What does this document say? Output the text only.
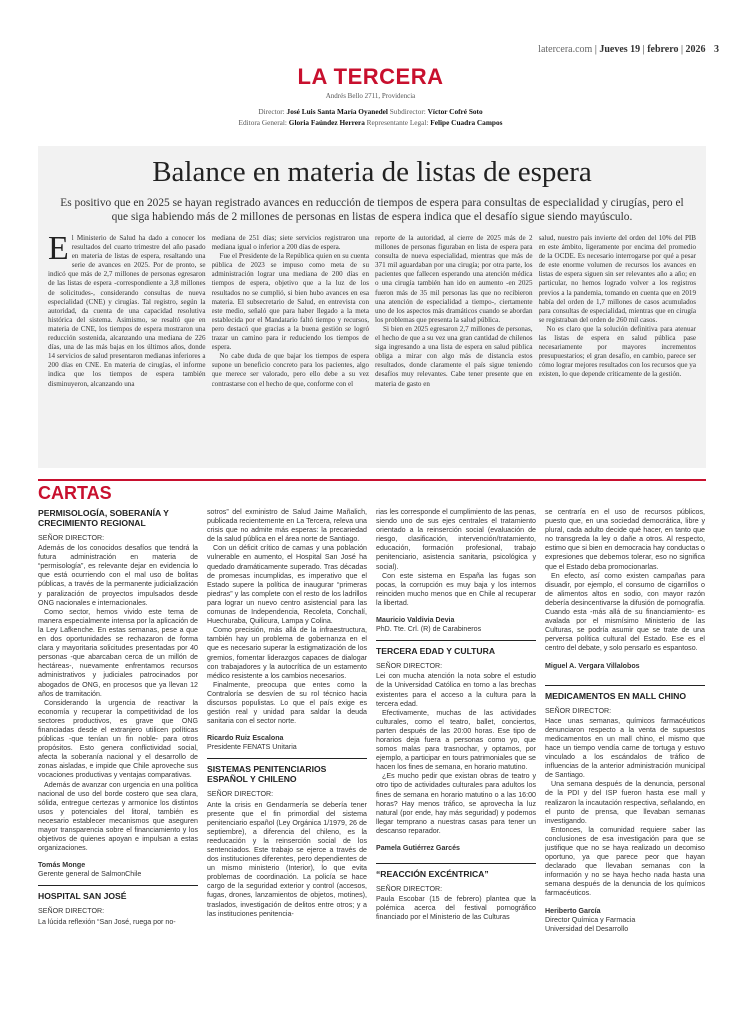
latercera.com | Jueves 19 | febrero | 2026 3
LA TERCERA
Andrés Bello 2711, Providencia
Director: José Luis Santa María Oyanedel Subdirector: Víctor Cofré Soto
Editora General: Gloria Faúndez Herrera Representante Legal: Felipe Cuadra Campos
Balance en materia de listas de espera
Es positivo que en 2025 se hayan registrado avances en reducción de tiempos de espera para consultas de especialidad y cirugías, pero el que siga habiendo más de 2 millones de personas en listas de espera indica que el desafío sigue siendo mayúsculo.
El Ministerio de Salud ha dado a conocer los resultados del cuarto trimestre del año pasado en materia de listas de espera, resaltando una serie de avances en 2025. Por de pronto, se indicó que más de 2,7 millones de personas egresaron de las listas de espera -correspondiente a 3,8 millones de solicitudes-, considerando consultas de nueva especialidad (CNE) y cirugías. Tal registro, según la autoridad, da cuenta de una capacidad resolutiva histórica del sistema. Asimismo, se resaltó que en materia de CNE, los tiempos de espera mostraron una reducción sostenida, alcanzando una mediana de 226 días, una de las más bajas en los últimos años, donde 14 servicios de salud presentaron medianas inferiores a 200 días en CNE. En materia de cirugías, el informe indica que los tiempos de espera también disminuyeron, alcanzando una

mediana de 251 días; siete servicios registraron una mediana igual o inferior a 200 días de espera.

Fue el Presidente de la República quien en su cuenta pública de 2023 se impuso como meta de su administración lograr una mediana de 200 días en tiempos de espera, objetivo que a la luz de los resultados no se cumplió, si bien hubo avances en esa materia. El subsecretario de Salud, en entrevista con este medio, señaló que para haber llegado a la meta establecida por el Mandatario faltó tiempo y recursos, pero destacó que gracias a la buena gestión se logró trazar un camino para ir reduciendo los tiempos de espera.

No cabe duda de que bajar los tiempos de espera supone un beneficio concreto para los pacientes, algo que merece ser valorado, pero ello debe a su vez contrastarse con el hecho de que, conforme con el

reporte de la autoridad, al cierre de 2025 más de 2 millones de personas figuraban en lista de espera para consulta de nueva especialidad, mientras que más de 371 mil aguardaban por una cirugía; por otra parte, los pacientes que fallecen esperando una atención médica o una cirugía también han ido en aumento -en 2025 fueron más de 35 mil personas las que no recibieron una atención de especialidad a tiempo-, ciertamente uno de los aspectos más dramáticos cuando se abordan los problemas que presenta la salud pública.

Si bien en 2025 egresaron 2,7 millones de personas, el hecho de que a su vez una gran cantidad de chilenos siga ingresando a una lista de espera en salud pública obliga a mirar con algo más de distancia estos resultados, donde claramente el país sigue teniendo desafíos muy relevantes. Cabe tener presente que en materia de gasto en

salud, nuestro país invierte del orden del 10% del PIB en este ámbito, ligeramente por encima del promedio de la OCDE. Es necesario interrogarse por qué a pesar de este enorme volumen de recursos los avances en listas de espera siguen sin ser relevantes año a año; en particular, no hemos logrado volver a los registros previos a la pandemia, tomando en cuenta que en 2019 había del orden de 1,7 millones de casos acumulados para consultas de especialidad, mientras que en cirugía se registraban del orden de 260 mil casos.

No es claro que la solución definitiva para atenuar las listas de espera en salud pública pase necesariamente por mayores incrementos presupuestarios; el gran desafío, en cambio, parece ser cómo lograr mejores resultados con los recursos que ya existen, lo que depende críticamente de la gestión.

CARTAS
PERMISOLOGÍA, SOBERANÍA Y CRECIMIENTO REGIONAL
SEÑOR DIRECTOR:

Además de los conocidos desafíos que tendrá la futura administración en materia de “permisología”, es relevante dejar en evidencia lo que está ocurriendo con el mal uso de bolitas públicas, a través de la permanente judicialización y paralización de proyectos impulsados desde ONG nacionales e internacionales.

Como sector, hemos vivido este tema de manera especialmente intensa por la aplicación de la Ley Lafkenche. En estas semanas, pese a que en dos oportunidades se rechazaron de forma clara y mayoritaria solicitudes presentadas por 40 personas -que abarcaban cerca de un millón de hectáreas-, nuevamente enfrentamos recursos administrativos y judiciales patrocinados por abogados de ONG, en procesos que ya llevan 12 años de tramitación.

Considerando la urgencia de reactivar la economía y recuperar la competitividad de los sectores productivos, es grave que ONG financiadas desde el extranjero utilicen políticas públicas -que tenían un fin noble- para otros propósitos. Esto genera conflictividad social, afecta la soberanía nacional y el desarrollo de zonas aisladas, e impide que Chile aproveche sus vocaciones productivas y ventajas comparativas.

Además de avanzar con urgencia en una política nacional de uso del borde costero que sea clara, sólida, entregue certezas y armonice los distintos usos y potenciales del litoral, también es necesario establecer mecanismos que aseguren mayor transparencia sobre el financiamiento y los objetivos de quienes apoyan e impulsan a estas organizaciones.

Tomás Monge
Gerente general de SalmonChile
HOSPITAL SAN JOSÉ
SEÑOR DIRECTOR:

La lúcida reflexión “San José, ruega por no-

sotros” del exministro de Salud Jaime Mañalich, publicada recientemente en La Tercera, releva una crisis que no admite más esperas: la precariedad de la salud pública en el área norte de Santiago.

Con un déficit crítico de camas y una población vulnerable en aumento, el Hospital San José ha quedado dramáticamente superado. Tras décadas de promesas incumplidas, es imperativo que el Estado supere la política de inaugurar “primeras piedras” y las complete con el resto de los ladrillos para lograr un nuevo centro asistencial para las comunas de Independencia, Recoleta, Conchalí, Huechuraba, Quilicura, Lampa y Colina.

Como precisión, más allá de la infraestructura, también hay un problema de gobernanza en el que es necesario superar la estigmatización de los gremios, fomentar liderazgos capaces de dialogar con trabajadores y la autocrítica de un estamento médico resistente a los cambios necesarios.

Finalmente, preocupa que entes como la Contraloría se desvíen de su rol técnico hacia discursos populistas. Lo que el país exige es gestión real y unidad para saldar la deuda sanitaria con el sector norte.

Ricardo Ruiz Escalona
Presidente FENATS Unitaria
SISTEMAS PENITENCIARIOS ESPAÑOL Y CHILENO
SEÑOR DIRECTOR:

Ante la crisis en Gendarmería se debería tener presente que el fin primordial del sistema penitenciario español (Ley Orgánica 1/1979, 26 de septiembre), a diferencia del chileno, es la reeducación y la reinserción social de los sentenciados. Este trabajo se ejerce a través de dos instituciones diferentes, pero dependientes de un mismo ministerio (Interior), lo que evita problemas de coordinación. La policía se hace cargo de la seguridad exterior y control (accesos, fugas, drones, lanzamientos de objetos, motines), traslados, investigación de delitos entre otros; y a las instituciones penitencia-

rias les corresponde el cumplimiento de las penas, siendo uno de sus ejes centrales el tratamiento orientado a la reinserción social (evaluación de riesgo, clasificación, intervención/tratamiento, educación, formación profesional, trabajo penitenciario, asistencia sanitaria, psicológica y social).

Con este sistema en España las fugas son pocas, la corrupción es muy baja y los internos reinciden mucho menos que en Chile al recuperar la libertad.

Mauricio Valdivia Devia
PhD. Tte. Crl. (R) de Carabineros
TERCERA EDAD Y CULTURA
SEÑOR DIRECTOR:

Lei con mucha atención la nota sobre el estudio de la Universidad Católica en torno a las brechas existentes para el acceso a la cultura para la tercera edad.

Efectivamente, muchas de las actividades culturales, como el teatro, ballet, conciertos, parten después de las 20:00 horas. Ese tipo de horarios deja fuera a personas como yo, que somos malas para trasnochar, y optamos, por ejemplo, a participar en tours patrimoniales que se hacen los fines de semana, en horario matutino.

¿Es mucho pedir que existan obras de teatro y otro tipo de actividades culturales para adultos los fines de semana en horario matutino o a las 16:00 horas? Hay menos tráfico, se aprovecha la luz natural (por ende, hay más seguridad) y podemos llegar temprano a nuestras casas para tener un descanso reparador.

Pamela Gutiérrez Garcés
“REACCIÓN EXCÉNTRICA”
SEÑOR DIRECTOR:

Paula Escobar (15 de febrero) plantea que la polémica acerca del festival pornográfico financiado por el Ministerio de las Culturas

se centraría en el uso de recursos públicos, puesto que, en una sociedad democrática, libre y plural, cada adulto decide qué hacer, en tanto que no transgreda la ley o dañe a otros. Al respecto, estimo que si bien en democracia hay conductas o expresiones que debemos tolerar, eso no significa que el Estado deba promocionarlas.

En efecto, así como existen campañas para disuadir, por ejemplo, el consumo de cigarrillos o de alimentos altos en sodio, con mayor razón debería desincentivarse la difusión de pornografía. Cuando esta -más allá de su financiamiento- es avalada por el mismísimo Ministerio de las Culturas, se podría asumir que se trate de una perversa política cultural del Estado. Ese es el centro del debate, y solo pensarlo es espantoso.

Miguel A. Vergara Villalobos
MEDICAMENTOS EN MALL CHINO
SEÑOR DIRECTOR:

Hace unas semanas, químicos farmacéuticos denunciaron respecto a la venta de supuestos medicamentos en un mall chino, el mismo que hace un tiempo vendía carne de tortuga y estuvo vinculado a los escándalos de tráfico de influencias de la anterior administración municipal de Santiago.

Una semana después de la denuncia, personal de la PDI y del ISP fueron hasta ese mall y realizaron la incautación respectiva, señalando, en el punto de prensa, que llevaban semanas investigando.

Entonces, la comunidad requiere saber las conclusiones de esa investigación para que se justifique que no se haya realizado un decomiso oportuno, ya que parece peor que hayan declarado que llevaban semanas con la información y no se haya hecho nada hasta una semana después de la denuncia de los químicos farmacéuticos.

Heriberto García
Director Química y Farmacia
Universidad del Desarrollo
